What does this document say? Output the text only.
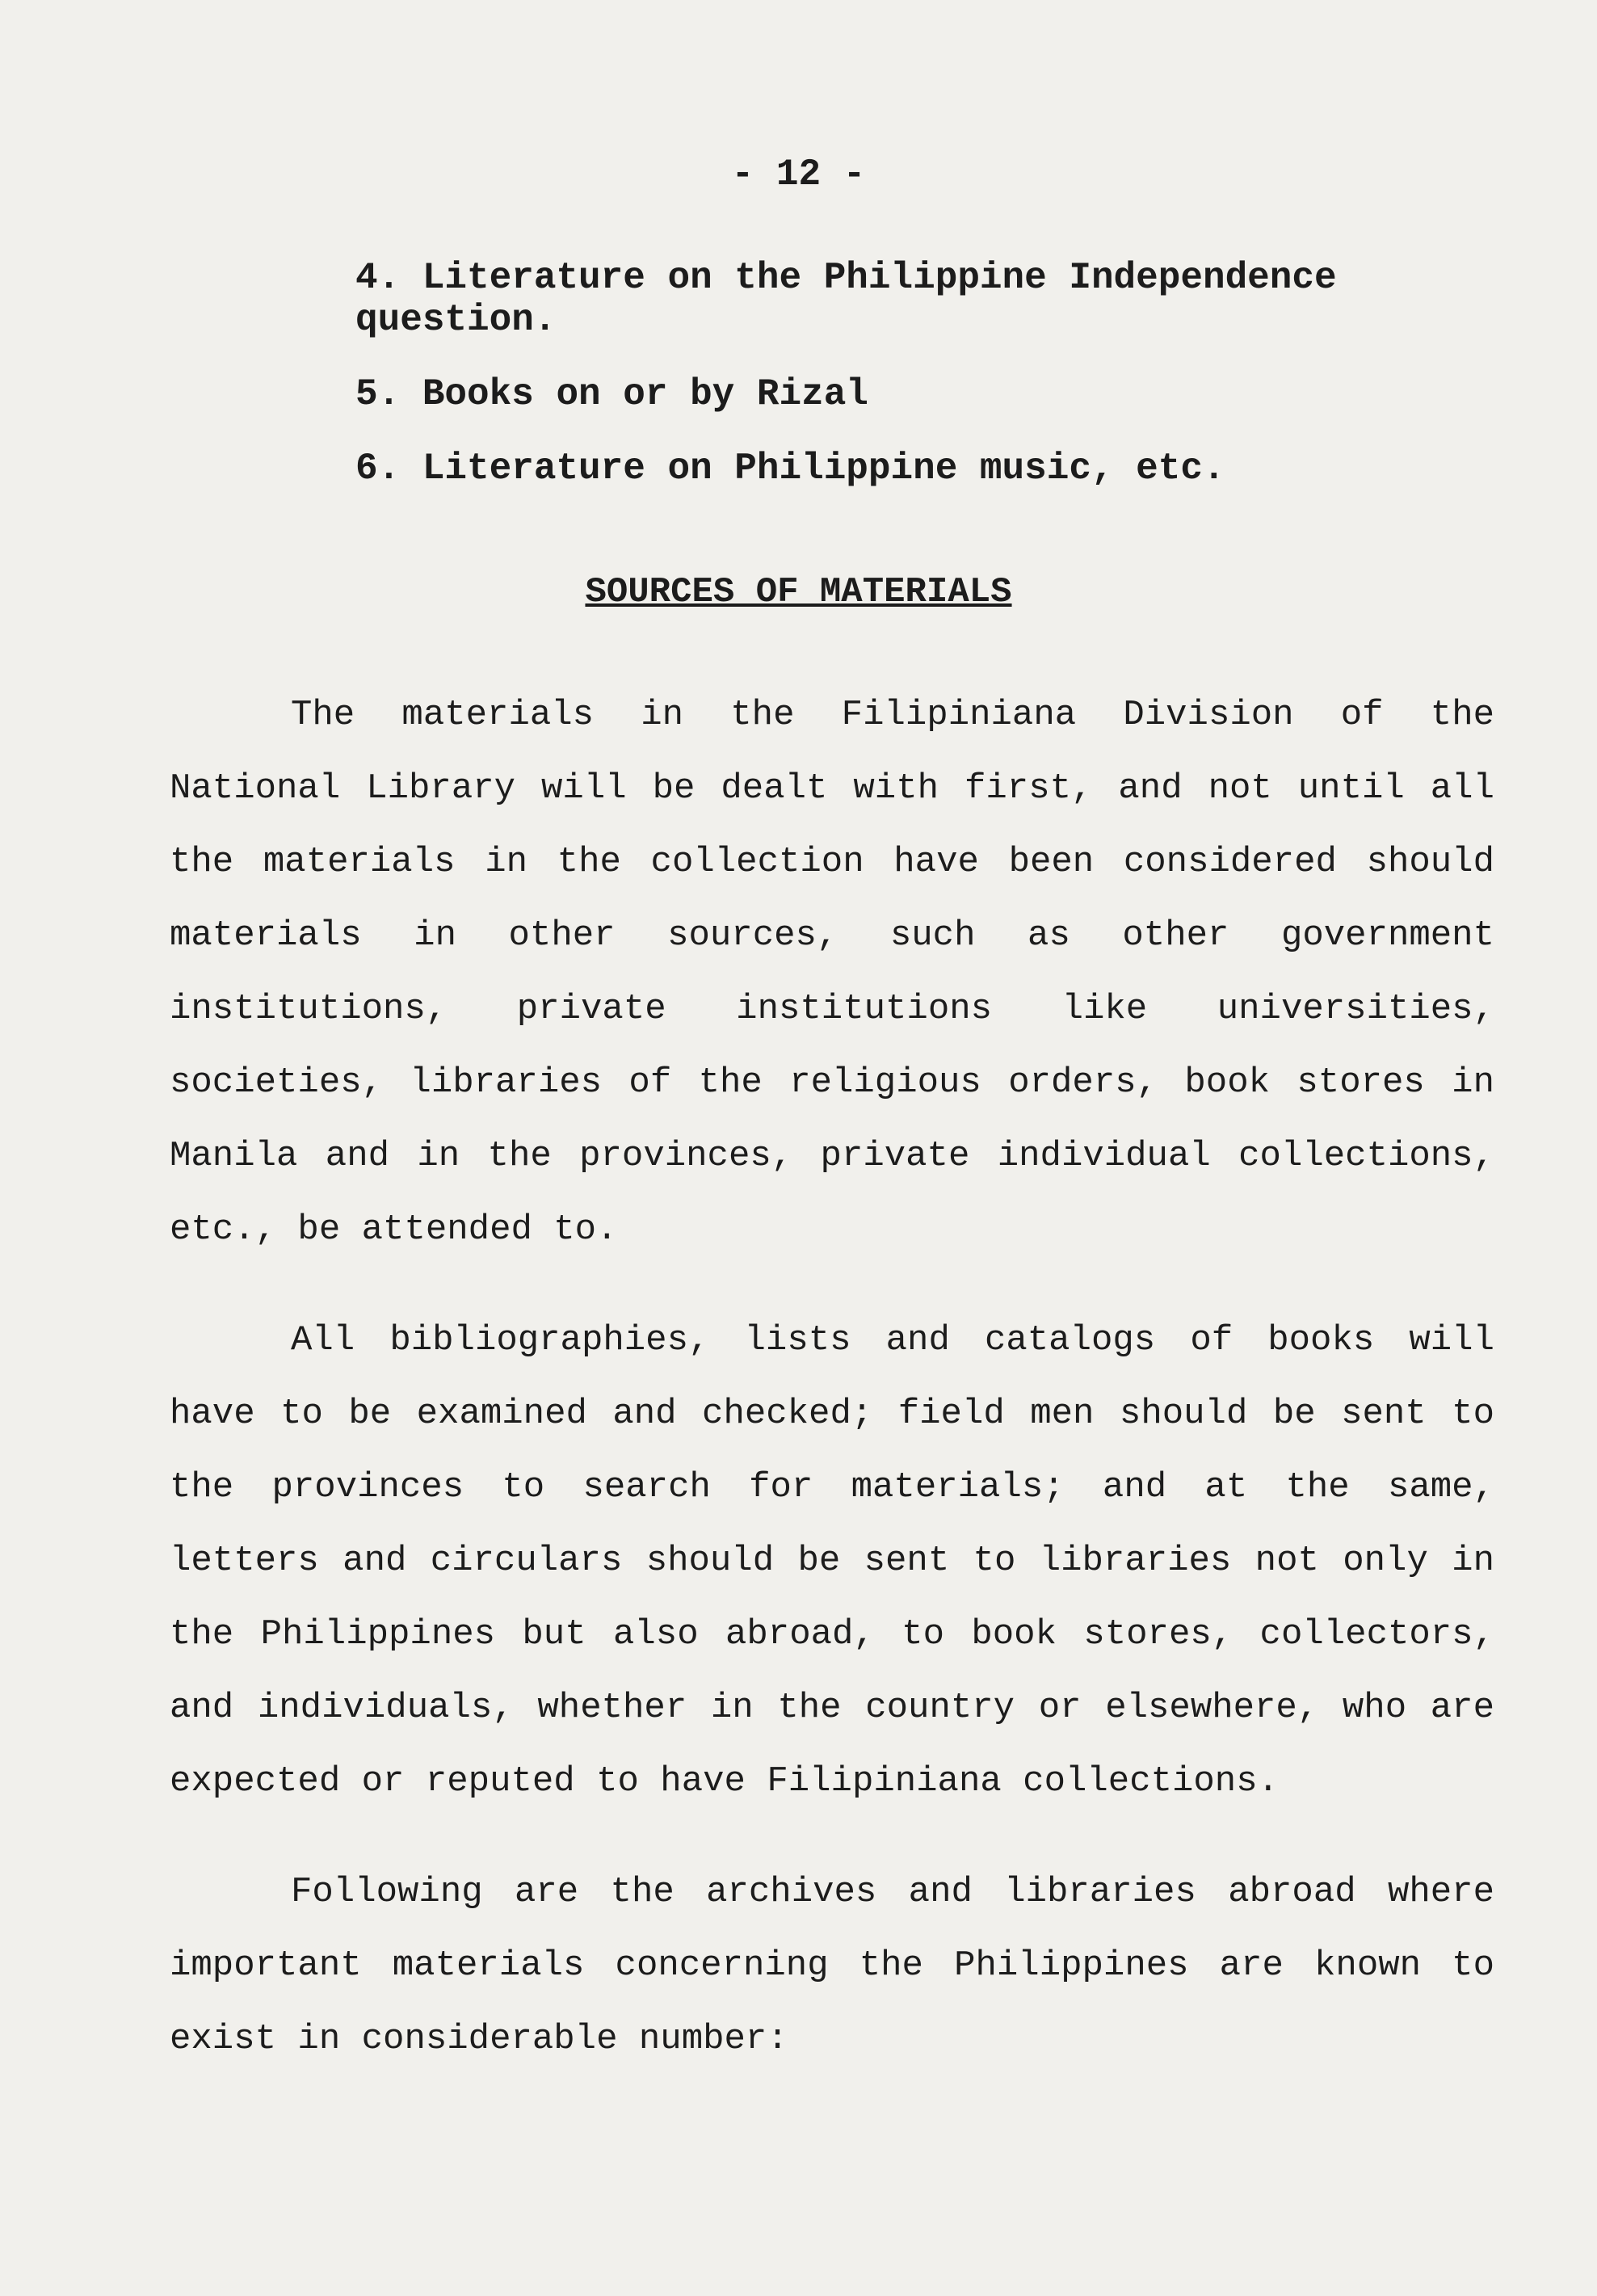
- 12 -

4. Literature on the Philippine Independence question.
5. Books on or by Rizal
6. Literature on Philippine music, etc.
SOURCES OF MATERIALS

The materials in the Filipiniana Division of the National Library will be dealt with first, and not until all the materials in the collection have been considered should materials in other sources, such as other government institutions, private institutions like universities, societies, libraries of the religious orders, book stores in Manila and in the provinces, private individual collections, etc., be attended to.

All bibliographies, lists and catalogs of books will have to be examined and checked; field men should be sent to the provinces to search for materials; and at the same, letters and circulars should be sent to libraries not only in the Philippines but also abroad, to book stores, collectors, and individuals, whether in the country or elsewhere, who are expected or reputed to have Filipiniana collections.

Following are the archives and libraries abroad where important materials concerning the Philippines are known to exist in considerable number:
